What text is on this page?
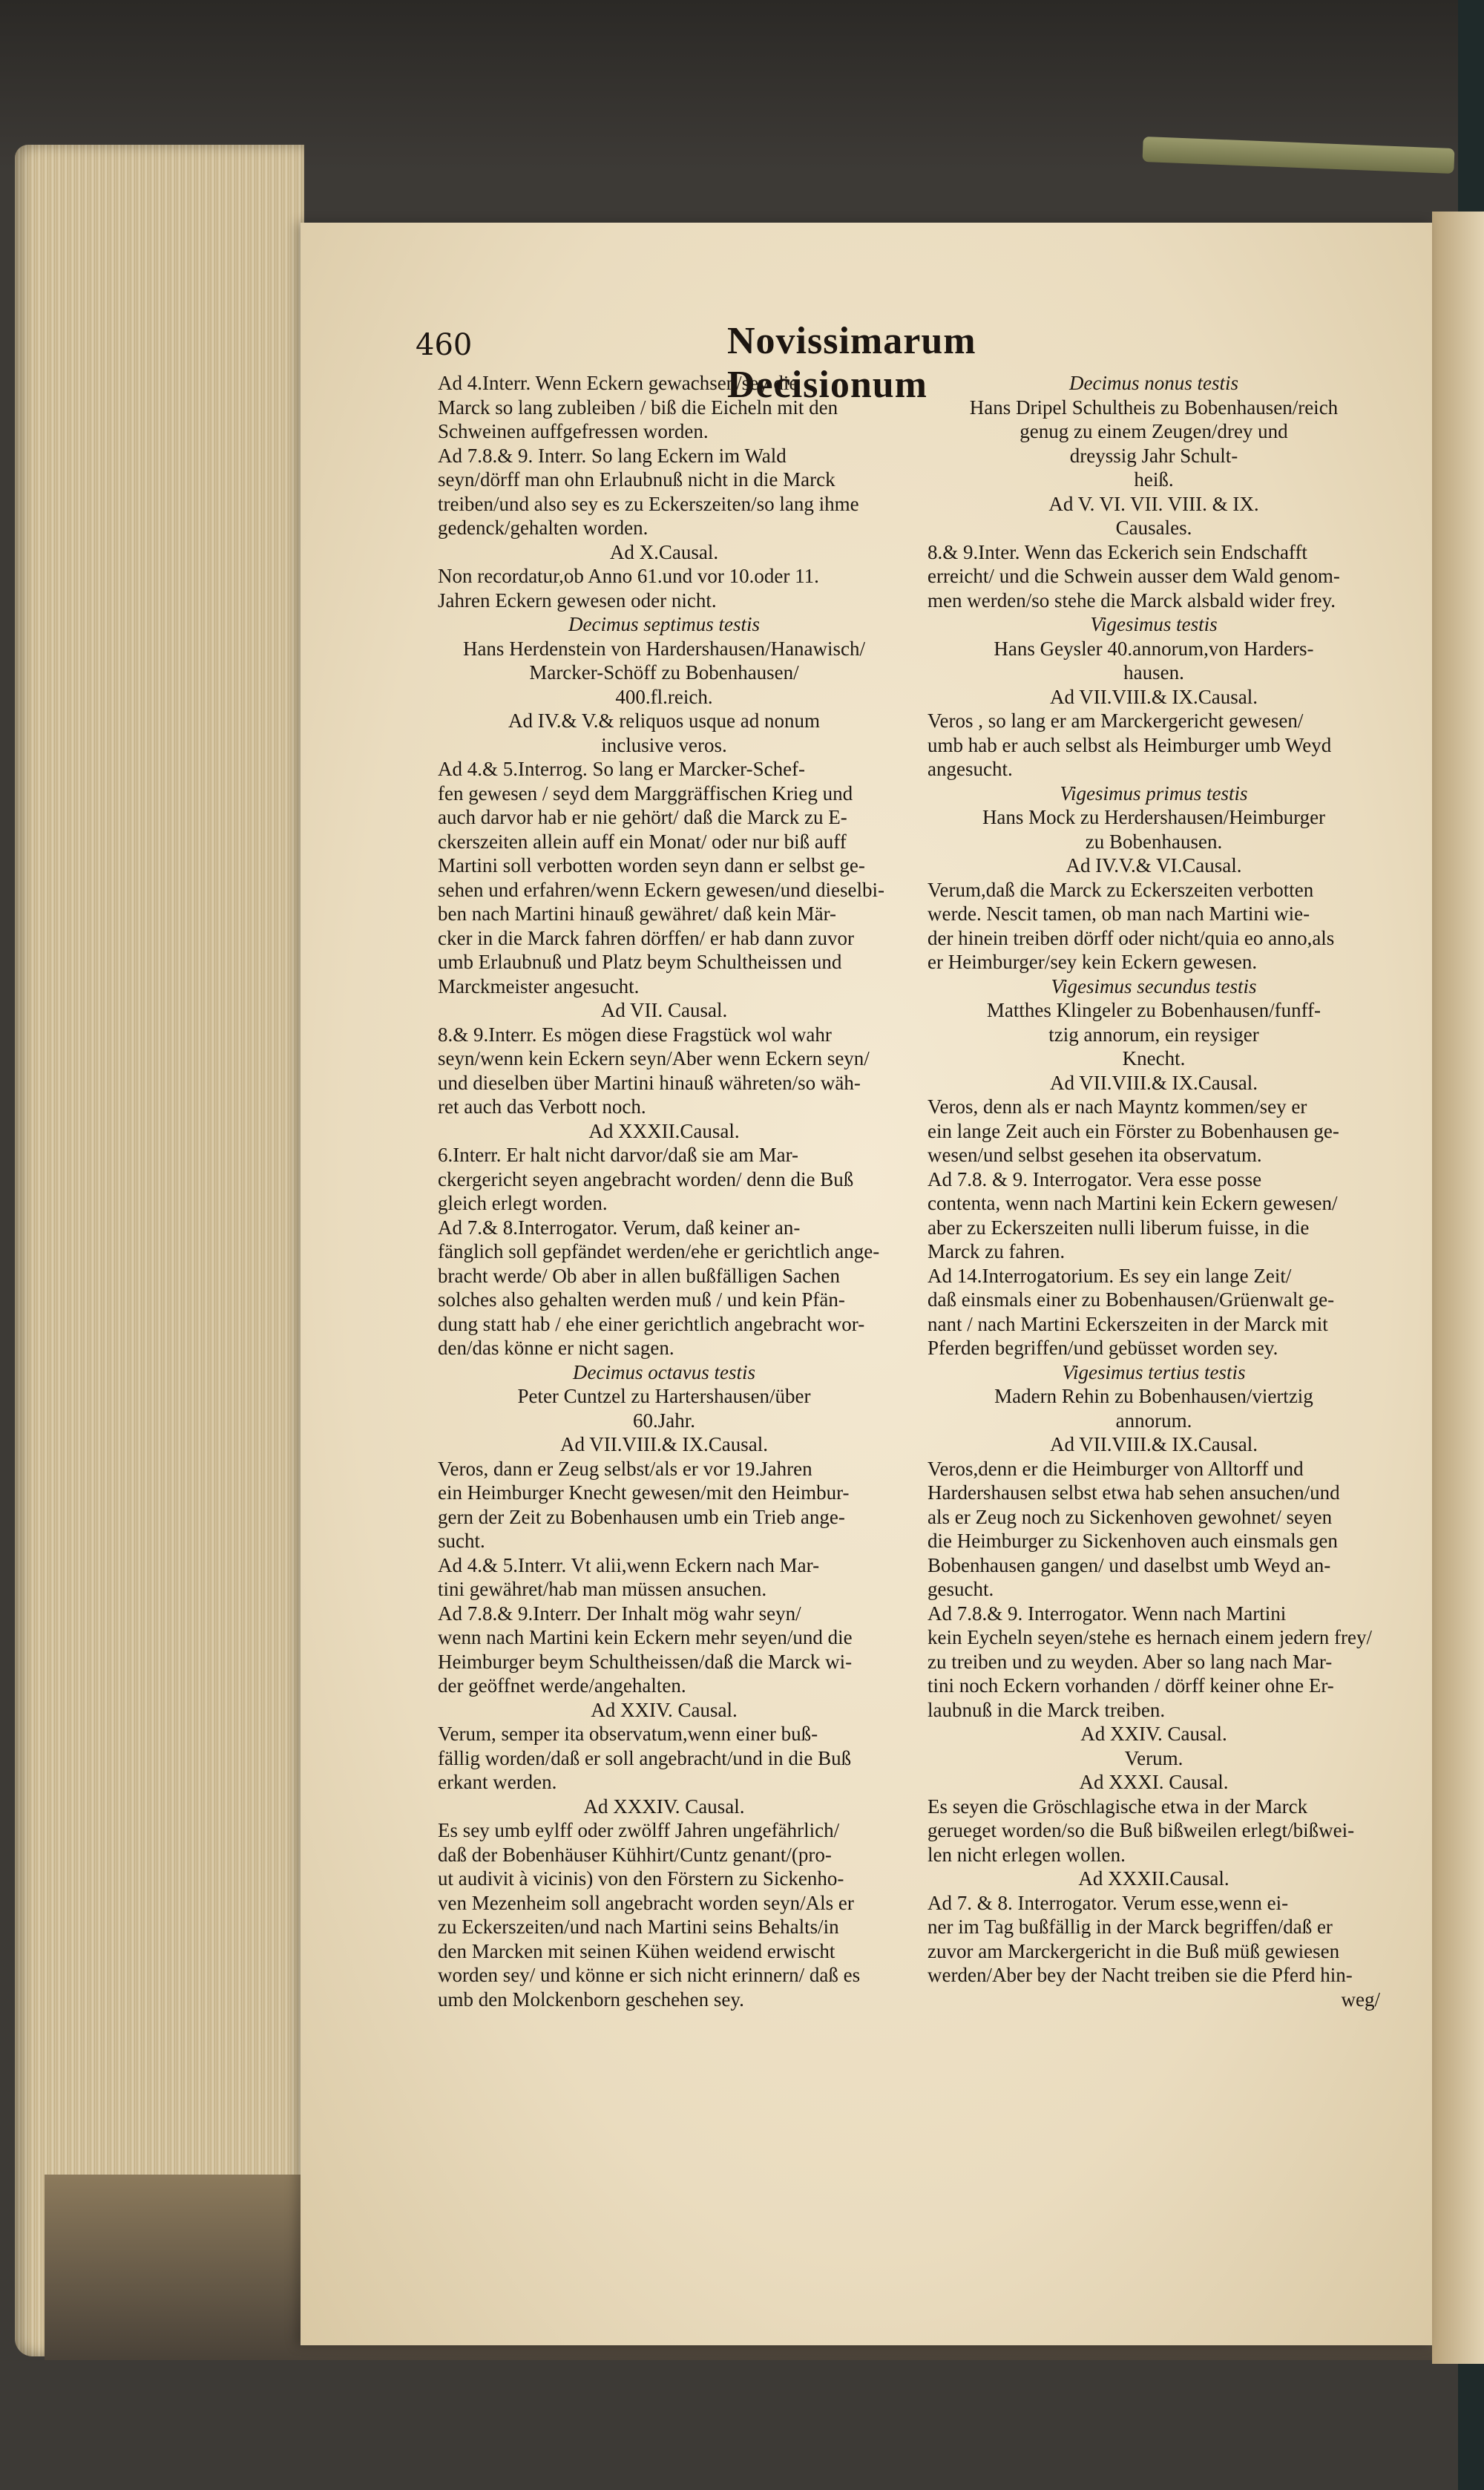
460	Novissimarum Decisionum
Ad 4.Interr. Wenn Eckern gewachsen/sey die
Marck so lang zubleiben / biß die Eicheln mit den
Schweinen auffgefressen worden.
Ad 7.8.& 9. Interr. So lang Eckern im Wald
seyn/dörff man ohn Erlaubnuß nicht in die Marck
treiben/und also sey es zu Eckerszeiten/so lang ihme
gedenck/gehalten worden.
Ad X.Causal.
Non recordatur,ob Anno 61.und vor 10.oder 11.
Jahren Eckern gewesen oder nicht.
Decimus septimus testis
Hans Herdenstein von Hardershausen/Hanawisch/
Marcker-Schöff zu Bobenhausen/
400.fl.reich.
Ad IV.& V.& reliquos usque ad nonum
inclusive veros.
Ad 4.& 5.Interrog. So lang er Marcker-Schef-
fen gewesen / seyd dem Marggräffischen Krieg und
auch darvor hab er nie gehört/ daß die Marck zu E-
ckerszeiten allein auff ein Monat/ oder nur biß auff
Martini soll verbotten worden seyn dann er selbst ge-
sehen und erfahren/wenn Eckern gewesen/und dieselbi-
ben nach Martini hinauß gewähret/ daß kein Mär-
cker in die Marck fahren dörffen/ er hab dann zuvor
umb Erlaubnuß und Platz beym Schultheissen und
Marckmeister angesucht.
Ad VII. Causal.
8.& 9.Interr. Es mögen diese Fragstück wol wahr
seyn/wenn kein Eckern seyn/Aber wenn Eckern seyn/
und dieselben über Martini hinauß währeten/so wäh-
ret auch das Verbott noch.
Ad XXXII.Causal.
6.Interr. Er halt nicht darvor/daß sie am Mar-
ckergericht seyen angebracht worden/ denn die Buß
gleich erlegt worden.
Ad 7.& 8.Interrogator. Verum, daß keiner an-
fänglich soll gepfändet werden/ehe er gerichtlich ange-
bracht werde/ Ob aber in allen bußfälligen Sachen
solches also gehalten werden muß / und kein Pfän-
dung statt hab / ehe einer gerichtlich angebracht wor-
den/das könne er nicht sagen.
Decimus octavus testis
Peter Cuntzel zu Hartershausen/über
60.Jahr.
Ad VII.VIII.& IX.Causal.
Veros, dann er Zeug selbst/als er vor 19.Jahren
ein Heimburger Knecht gewesen/mit den Heimbur-
gern der Zeit zu Bobenhausen umb ein Trieb ange-
sucht.
Ad 4.& 5.Interr. Vt alii,wenn Eckern nach Mar-
tini gewähret/hab man müssen ansuchen.
Ad 7.8.& 9.Interr. Der Inhalt mög wahr seyn/
wenn nach Martini kein Eckern mehr seyen/und die
Heimburger beym Schultheissen/daß die Marck wi-
der geöffnet werde/angehalten.
Ad XXIV. Causal.
Verum, semper ita observatum,wenn einer buß-
fällig worden/daß er soll angebracht/und in die Buß
erkant werden.
Ad XXXIV. Causal.
Es sey umb eylff oder zwölff Jahren ungefährlich/
daß der Bobenhäuser Kühhirt/Cuntz genant/(pro-
ut audivit à vicinis) von den Förstern zu Sickenho-
ven Mezenheim soll angebracht worden seyn/Als er
zu Eckerszeiten/und nach Martini seins Behalts/in
den Marcken mit seinen Kühen weidend erwischt
worden sey/ und könne er sich nicht erinnern/ daß es
umb den Molckenborn geschehen sey.
Decimus nonus testis
Hans Dripel Schultheis zu Bobenhausen/reich
genug zu einem Zeugen/drey und
dreyssig Jahr Schult-
heiß.
Ad V. VI. VII. VIII. & IX.
Causales.
8.& 9.Inter. Wenn das Eckerich sein Endschafft
erreicht/ und die Schwein ausser dem Wald genom-
men werden/so stehe die Marck alsbald wider frey.
Vigesimus testis
Hans Geysler 40.annorum,von Harders-
hausen.
Ad VII.VIII.& IX.Causal.
Veros , so lang er am Marckergericht gewesen/
umb hab er auch selbst als Heimburger umb Weyd
angesucht.
Vigesimus primus testis
Hans Mock zu Herdershausen/Heimburger
zu Bobenhausen.
Ad IV.V.& VI.Causal.
Verum,daß die Marck zu Eckerszeiten verbotten
werde. Nescit tamen, ob man nach Martini wie-
der hinein treiben dörff oder nicht/quia eo anno,als
er Heimburger/sey kein Eckern gewesen.
Vigesimus secundus testis
Matthes Klingeler zu Bobenhausen/funff-
tzig annorum, ein reysiger
Knecht.
Ad VII.VIII.& IX.Causal.
Veros, denn als er nach Mayntz kommen/sey er
ein lange Zeit auch ein Förster zu Bobenhausen ge-
wesen/und selbst gesehen ita observatum.
Ad 7.8. & 9. Interrogator. Vera esse posse
contenta, wenn nach Martini kein Eckern gewesen/
aber zu Eckerszeiten nulli liberum fuisse, in die
Marck zu fahren.
Ad 14.Interrogatorium. Es sey ein lange Zeit/
daß einsmals einer zu Bobenhausen/Grüenwalt ge-
nant / nach Martini Eckerszeiten in der Marck mit
Pferden begriffen/und gebüsset worden sey.
Vigesimus tertius testis
Madern Rehin zu Bobenhausen/viertzig
annorum.
Ad VII.VIII.& IX.Causal.
Veros,denn er die Heimburger von Alltorff und
Hardershausen selbst etwa hab sehen ansuchen/und
als er Zeug noch zu Sickenhoven gewohnet/ seyen
die Heimburger zu Sickenhoven auch einsmals gen
Bobenhausen gangen/ und daselbst umb Weyd an-
gesucht.
Ad 7.8.& 9. Interrogator. Wenn nach Martini
kein Eycheln seyen/stehe es hernach einem jedern frey/
zu treiben und zu weyden. Aber so lang nach Mar-
tini noch Eckern vorhanden / dörff keiner ohne Er-
laubnuß in die Marck treiben.
Ad XXIV. Causal.
Verum.
Ad XXXI. Causal.
Es seyen die Gröschlagische etwa in der Marck
gerueget worden/so die Buß bißweilen erlegt/bißwei-
len nicht erlegen wollen.
Ad XXXII.Causal.
Ad 7. & 8. Interrogator. Verum esse,wenn ei-
ner im Tag bußfällig in der Marck begriffen/daß er
zuvor am Marckergericht in die Buß müß gewiesen
werden/Aber bey der Nacht treiben sie die Pferd hin-
weg/
